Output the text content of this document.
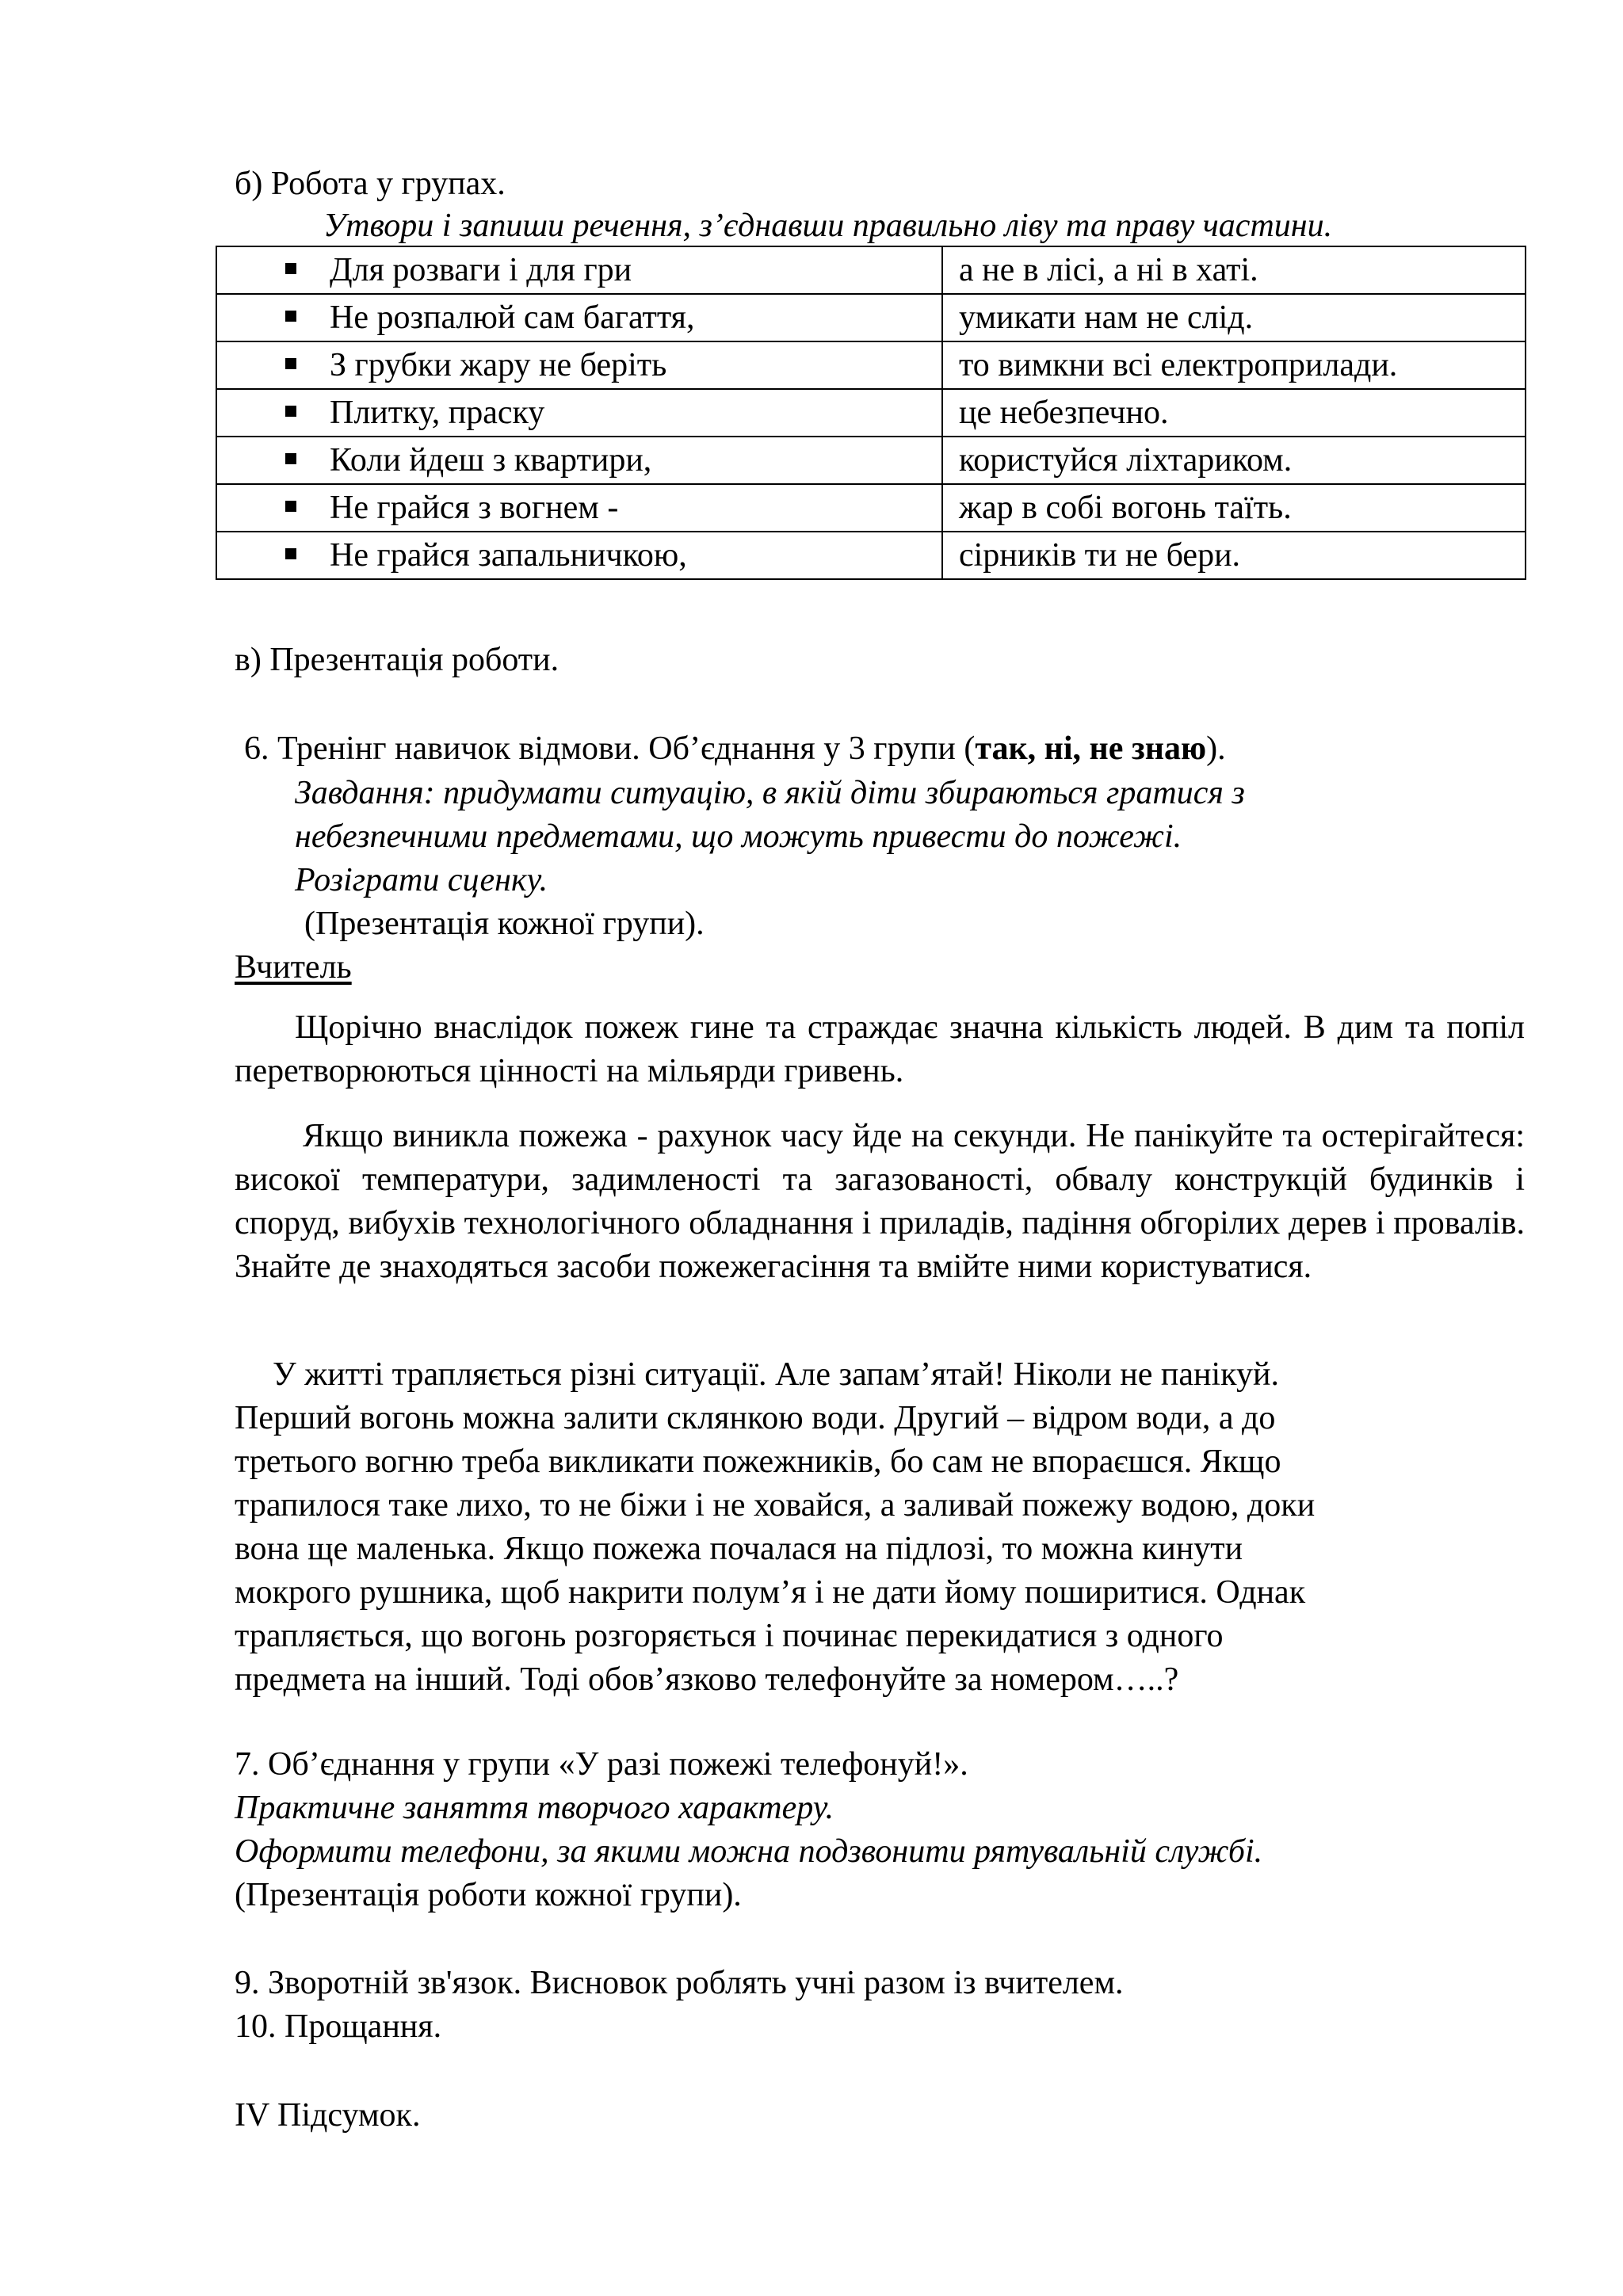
б) Робота у групах.

Утвори і запиши речення, з’єднавши правильно ліву та праву частини.

Для розваги і для гри	а не в лісі, а ні в хаті.
Не розпалюй сам багаття,	умикати нам не слід.
З грубки жару не беріть	то вимкни всі електроприлади.
Плитку, праску	це небезпечно.
Коли йдеш з квартири,	користуйся ліхтариком.
Не грайся з вогнем -	жар в собі вогонь таїть.
Не грайся запальничкою,	сірників ти не бери.

в) Презентація роботи.

6. Тренінг навичок відмови. Об’єднання у 3 групи (так, ні, не знаю).

Завдання: придумати ситуацію, в якій діти збираються гратися з

небезпечними предметами, що можуть привести до пожежі.

Розіграти сценку.

(Презентація кожної групи).

Вчитель

Щорічно внаслідок пожеж гине та страждає значна кількість людей. В дим та попіл перетворюються цінності на мільярди гривень.

Якщо виникла пожежа - рахунок часу йде на секунди. Не панікуйте та остерігайтеся: високої температури, задимленості та загазованості, обвалу конструкцій будинків і споруд, вибухів технологічного обладнання і приладів, падіння обгорілих дерев і провалів. Знайте де знаходяться засоби пожежегасіння та вмійте ними користуватися.

У житті трапляється різні ситуації. Але запам’ятай! Ніколи не панікуй.

Перший вогонь можна залити склянкою води. Другий – відром води, а до

третього вогню треба викликати пожежників, бо сам не впораєшся. Якщо

трапилося таке лихо, то не біжи і не ховайся, а заливай пожежу водою, доки

вона ще маленька. Якщо пожежа почалася на підлозі, то можна кинути

мокрого рушника, щоб накрити полум’я і не дати йому поширитися. Однак

трапляється, що вогонь розгоряється і починає перекидатися з одного

предмета на інший. Тоді обов’язково телефонуйте за номером…..?

7. Об’єднання у групи «У разі пожежі телефонуй!».

Практичне заняття творчого характеру.

Оформити телефони, за якими можна подзвонити рятувальній службі.

(Презентація роботи кожної групи).

9. Зворотній зв'язок. Висновок роблять учні разом із вчителем.

10. Прощання.

IV Підсумок.
